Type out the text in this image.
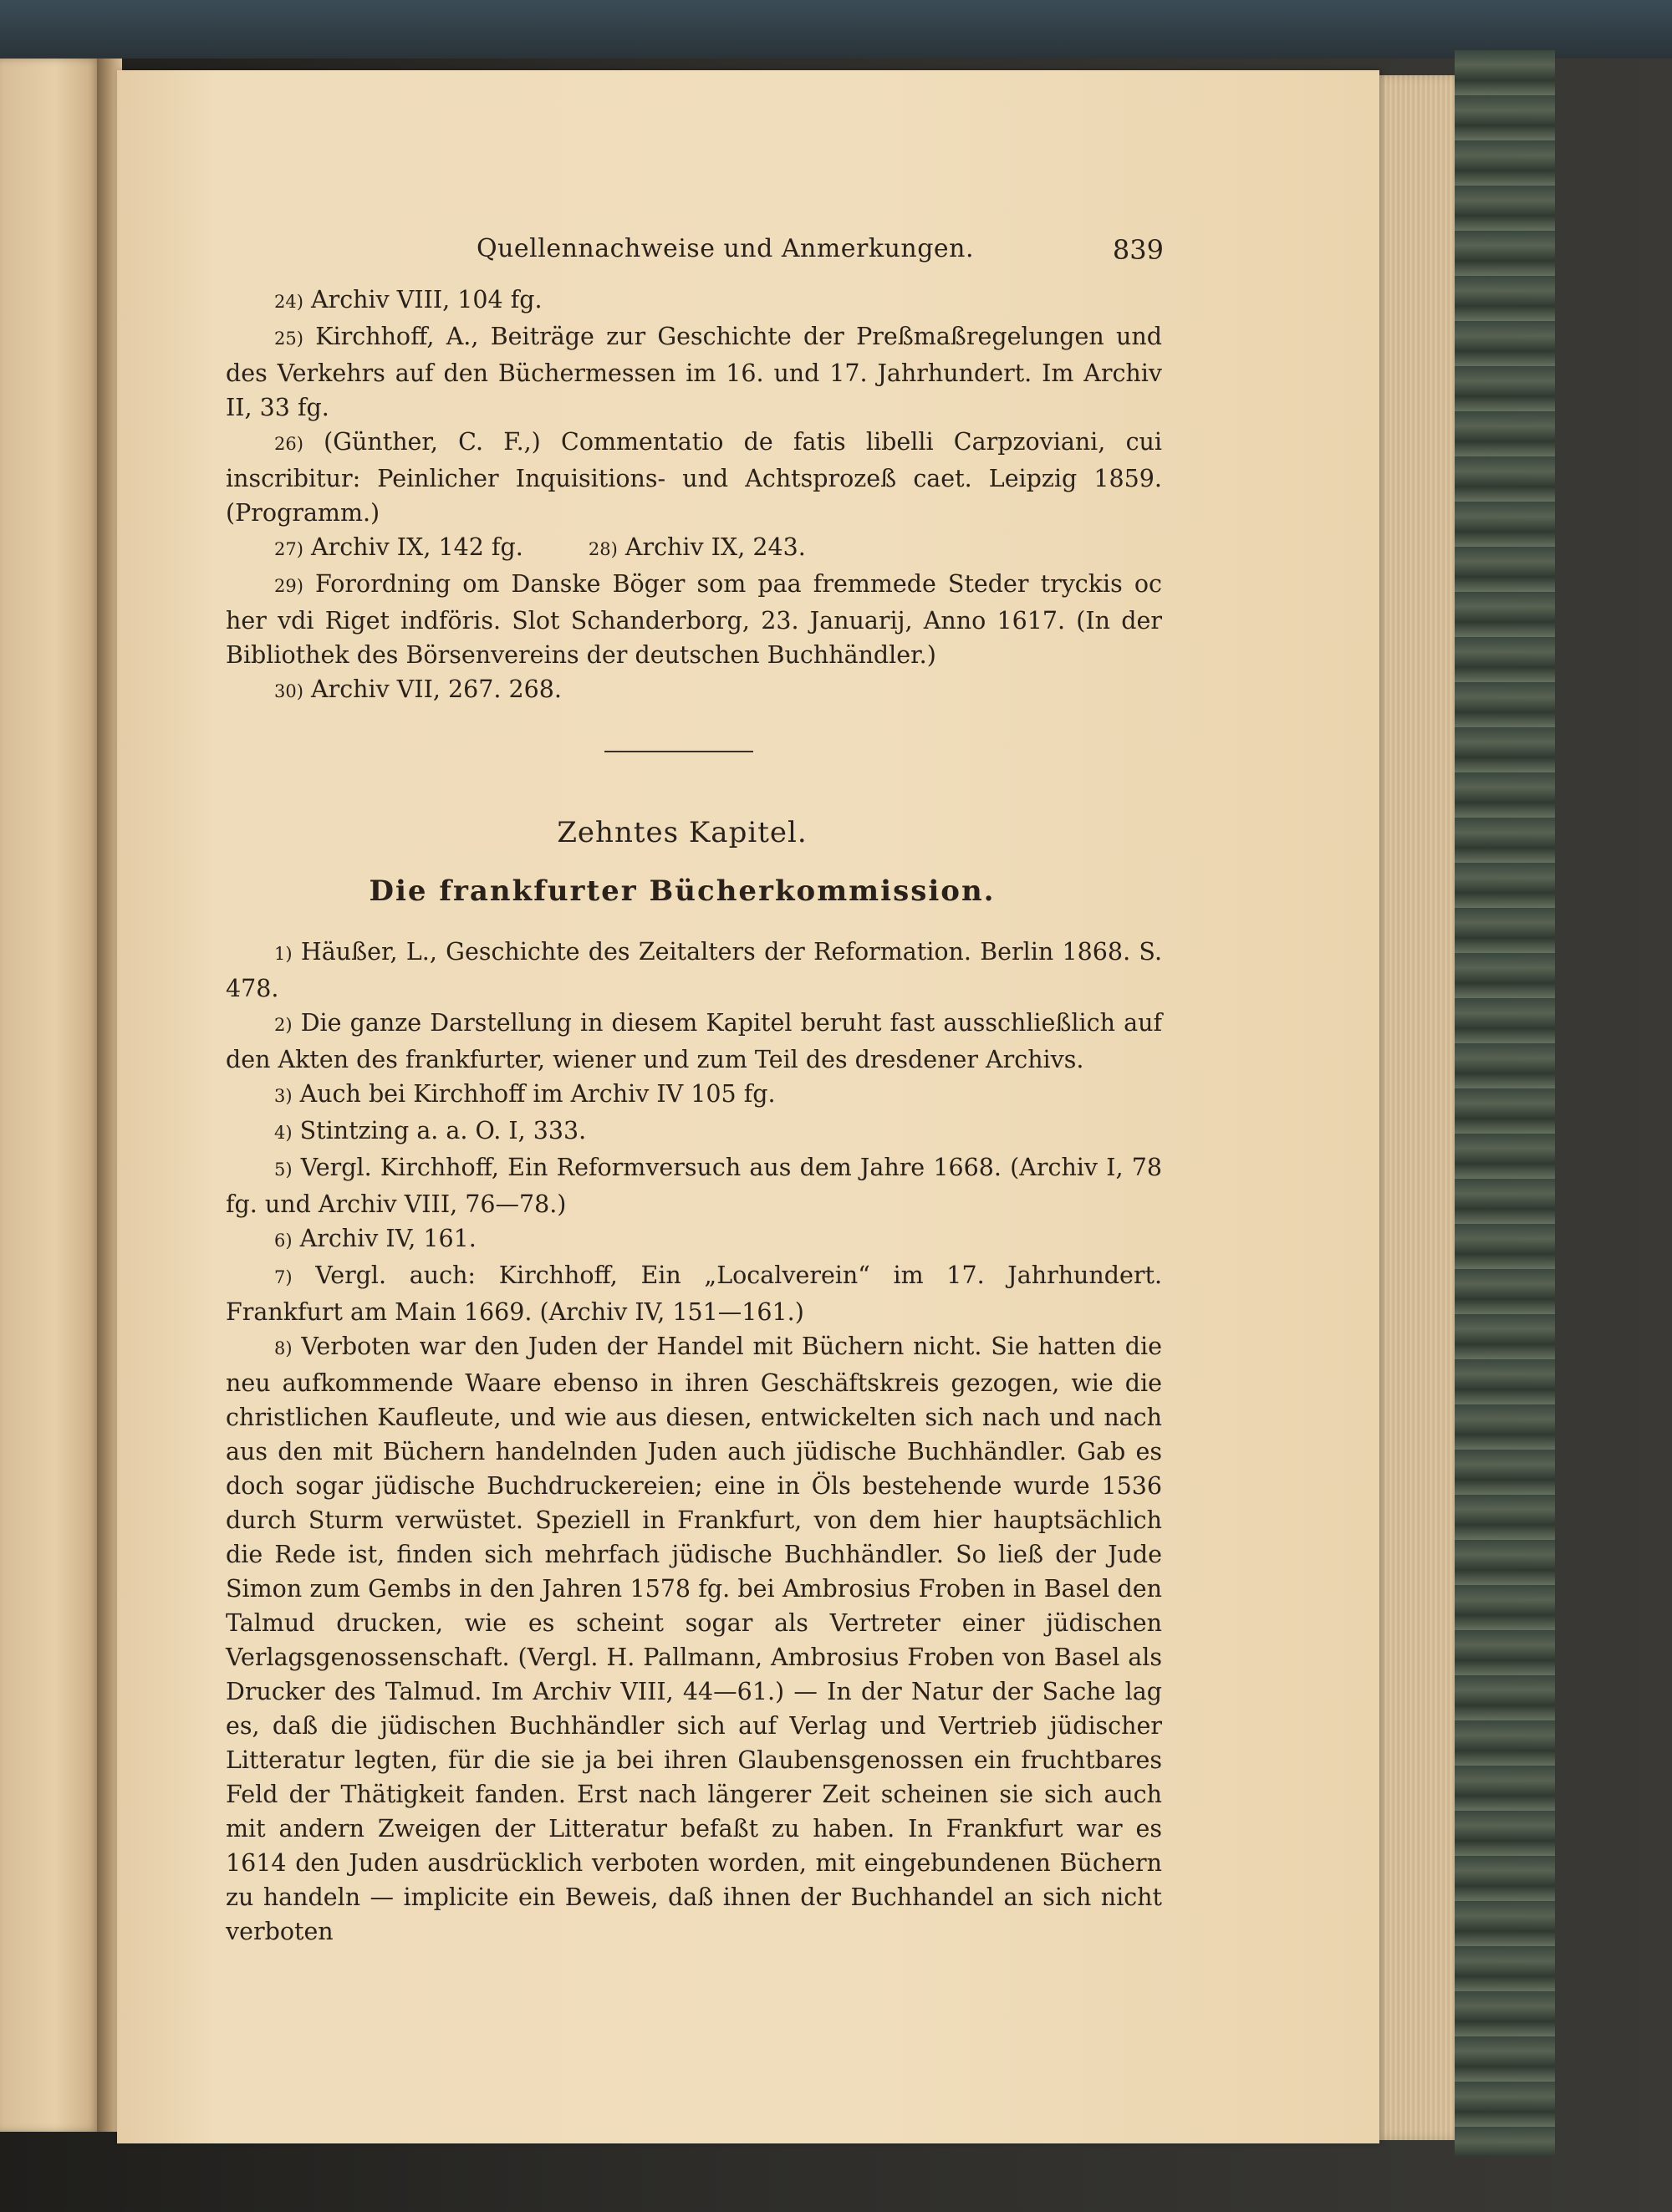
Quellennachweise und Anmerkungen.	839

24) Archiv VIII, 104 fg.

25) Kirchhoff, A., Beiträge zur Geschichte der Preßmaßregelungen und des Verkehrs auf den Büchermessen im 16. und 17. Jahrhundert. Im Archiv II, 33 fg.

26) (Günther, C. F.,) Commentatio de fatis libelli Carpzoviani, cui inscribitur: Peinlicher Inquisitions- und Achtsprozeß caet. Leipzig 1859. (Programm.)

27) Archiv IX, 142 fg.	28) Archiv IX, 243.

29) Forordning om Danske Böger som paa fremmede Steder tryckis oc her vdi Riget indföris. Slot Schanderborg, 23. Januarij, Anno 1617. (In der Bibliothek des Börsenvereins der deutschen Buchhändler.)

30) Archiv VII, 267. 268.

Zehntes Kapitel.
Die frankfurter Bücherkommission.

1) Häußer, L., Geschichte des Zeitalters der Reformation. Berlin 1868. S. 478.

2) Die ganze Darstellung in diesem Kapitel beruht fast ausschließlich auf den Akten des frankfurter, wiener und zum Teil des dresdener Archivs.

3) Auch bei Kirchhoff im Archiv IV 105 fg.

4) Stintzing a. a. O. I, 333.

5) Vergl. Kirchhoff, Ein Reformversuch aus dem Jahre 1668. (Archiv I, 78 fg. und Archiv VIII, 76—78.)

6) Archiv IV, 161.

7) Vergl. auch: Kirchhoff, Ein „Localverein“ im 17. Jahrhundert. Frankfurt am Main 1669. (Archiv IV, 151—161.)

8) Verboten war den Juden der Handel mit Büchern nicht. Sie hatten die neu aufkommende Waare ebenso in ihren Geschäftskreis gezogen, wie die christlichen Kaufleute, und wie aus diesen, entwickelten sich nach und nach aus den mit Büchern handelnden Juden auch jüdische Buchhändler. Gab es doch sogar jüdische Buchdruckereien; eine in Öls bestehende wurde 1536 durch Sturm verwüstet. Speziell in Frankfurt, von dem hier hauptsächlich die Rede ist, finden sich mehrfach jüdische Buchhändler. So ließ der Jude Simon zum Gembs in den Jahren 1578 fg. bei Ambrosius Froben in Basel den Talmud drucken, wie es scheint sogar als Vertreter einer jüdischen Verlagsgenossenschaft. (Vergl. H. Pallmann, Ambrosius Froben von Basel als Drucker des Talmud. Im Archiv VIII, 44—61.) — In der Natur der Sache lag es, daß die jüdischen Buchhändler sich auf Verlag und Vertrieb jüdischer Litteratur legten, für die sie ja bei ihren Glaubensgenossen ein fruchtbares Feld der Thätigkeit fanden. Erst nach längerer Zeit scheinen sie sich auch mit andern Zweigen der Litteratur befaßt zu haben. In Frankfurt war es 1614 den Juden ausdrücklich verboten worden, mit eingebundenen Büchern zu handeln — implicite ein Beweis, daß ihnen der Buchhandel an sich nicht verboten
